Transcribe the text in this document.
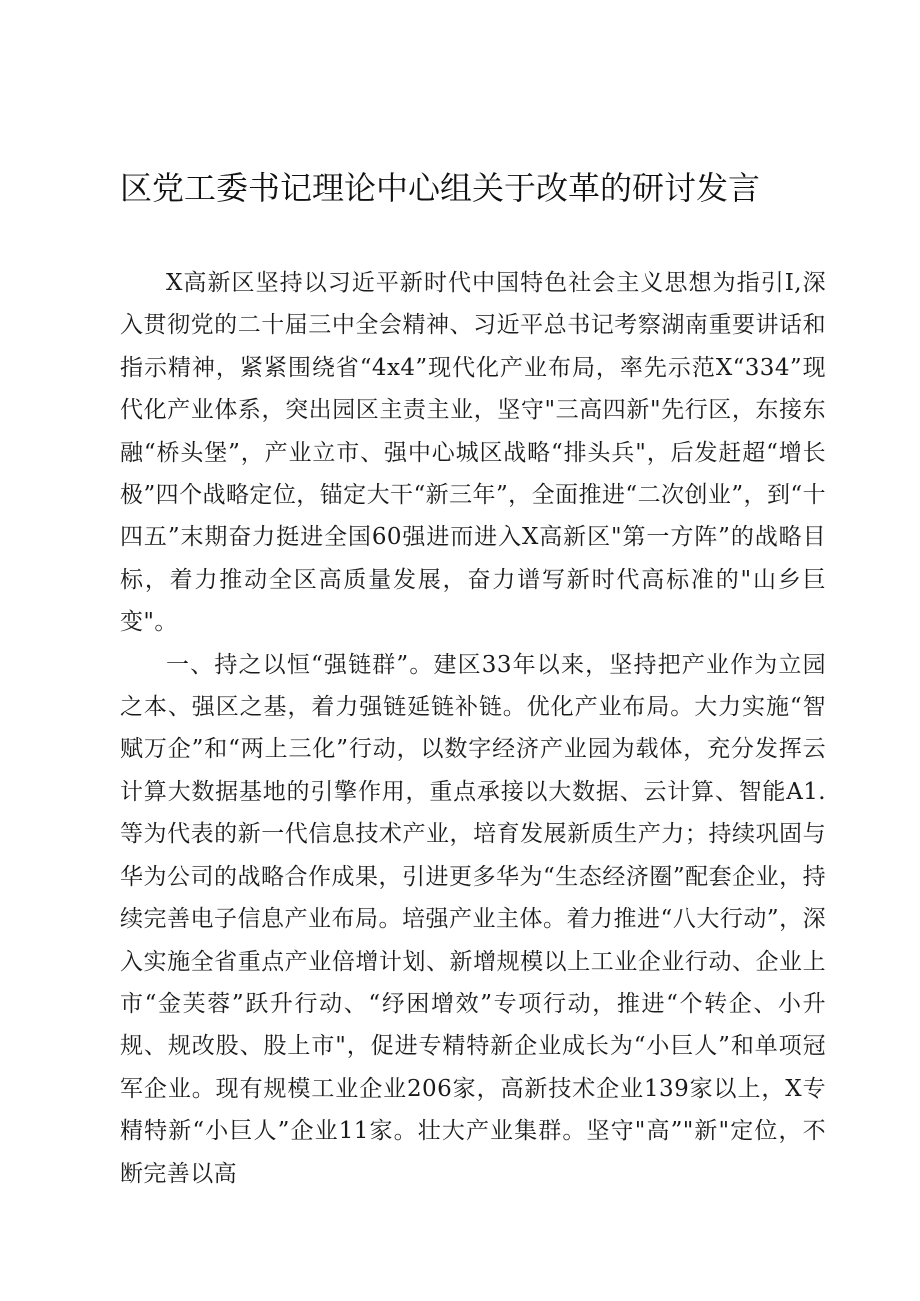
区党工委书记理论中心组关于改革的研讨发言

X高新区坚持以习近平新时代中国特色社会主义思想为指引I,深入贯彻党的二十届三中全会精神、习近平总书记考察湖南重要讲话和指示精神，紧紧围绕省“4x4”现代化产业布局，率先示范X“334”现代化产业体系，突出园区主责主业，坚守"三高四新"先行区，东接东融“桥头堡”，产业立市、强中心城区战略“排头兵"，后发赶超“增长极”四个战略定位，锚定大干“新三年”，全面推进“二次创业”，到“十四五”末期奋力挺进全国60强进而进入X高新区"第一方阵”的战略目标，着力推动全区高质量发展，奋力谱写新时代高标准的"山乡巨变"。

一、持之以恒“强链群”。建区33年以来，坚持把产业作为立园之本、强区之基，着力强链延链补链。优化产业布局。大力实施“智赋万企”和“两上三化”行动，以数字经济产业园为载体，充分发挥云计算大数据基地的引擎作用，重点承接以大数据、云计算、智能A1.等为代表的新一代信息技术产业，培育发展新质生产力；持续巩固与华为公司的战略合作成果，引进更多华为“生态经济圈”配套企业，持续完善电子信息产业布局。培强产业主体。着力推进“八大行动”，深入实施全省重点产业倍增计划、新增规模以上工业企业行动、企业上市“金芙蓉”跃升行动、“纾困增效”专项行动，推进“个转企、小升规、规改股、股上市"，促进专精特新企业成长为“小巨人”和单项冠军企业。现有规模工业企业206家，高新技术企业139家以上，X专精特新“小巨人”企业11家。壮大产业集群。坚守"高”"新"定位，不断完善以高
